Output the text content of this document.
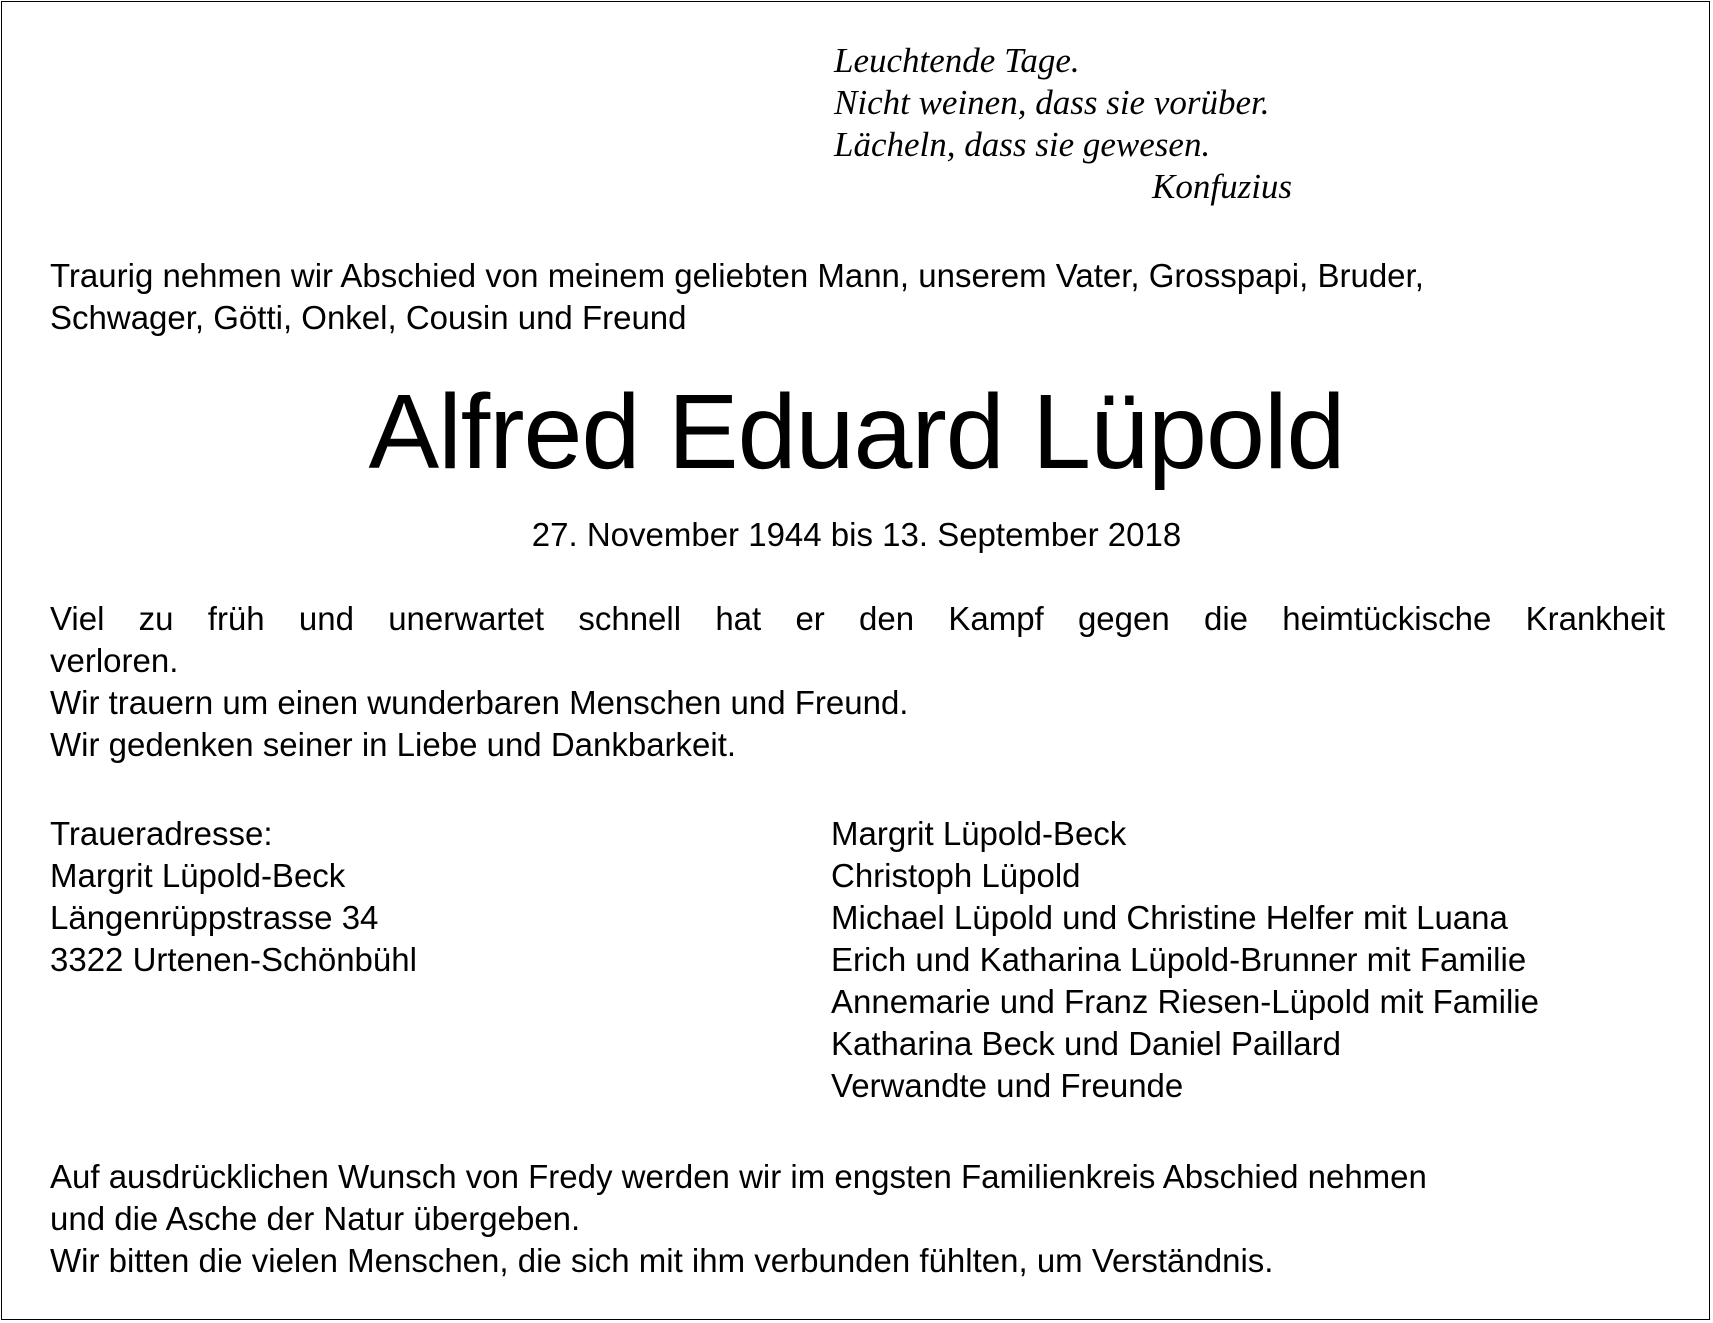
Leuchtende Tage.
Nicht weinen, dass sie vorüber.
Lächeln, dass sie gewesen.
Konfuzius
Traurig nehmen wir Abschied von meinem geliebten Mann, unserem Vater, Grosspapi, Bruder,
Schwager, Götti, Onkel, Cousin und Freund
Alfred Eduard Lüpold
27. November 1944 bis 13. September 2018
Viel zu früh und unerwartet schnell hat er den Kampf gegen die heimtückische Krankheit
verloren.
Wir trauern um einen wunderbaren Menschen und Freund.
Wir gedenken seiner in Liebe und Dankbarkeit.
Traueradresse:
Margrit Lüpold-Beck
Längenrüppstrasse 34
3322 Urtenen-Schönbühl
Margrit Lüpold-Beck
Christoph Lüpold
Michael Lüpold und Christine Helfer mit Luana
Erich und Katharina Lüpold-Brunner mit Familie
Annemarie und Franz Riesen-Lüpold mit Familie
Katharina Beck und Daniel Paillard
Verwandte und Freunde
Auf ausdrücklichen Wunsch von Fredy werden wir im engsten Familienkreis Abschied nehmen
und die Asche der Natur übergeben.
Wir bitten die vielen Menschen, die sich mit ihm verbunden fühlten, um Verständnis.
